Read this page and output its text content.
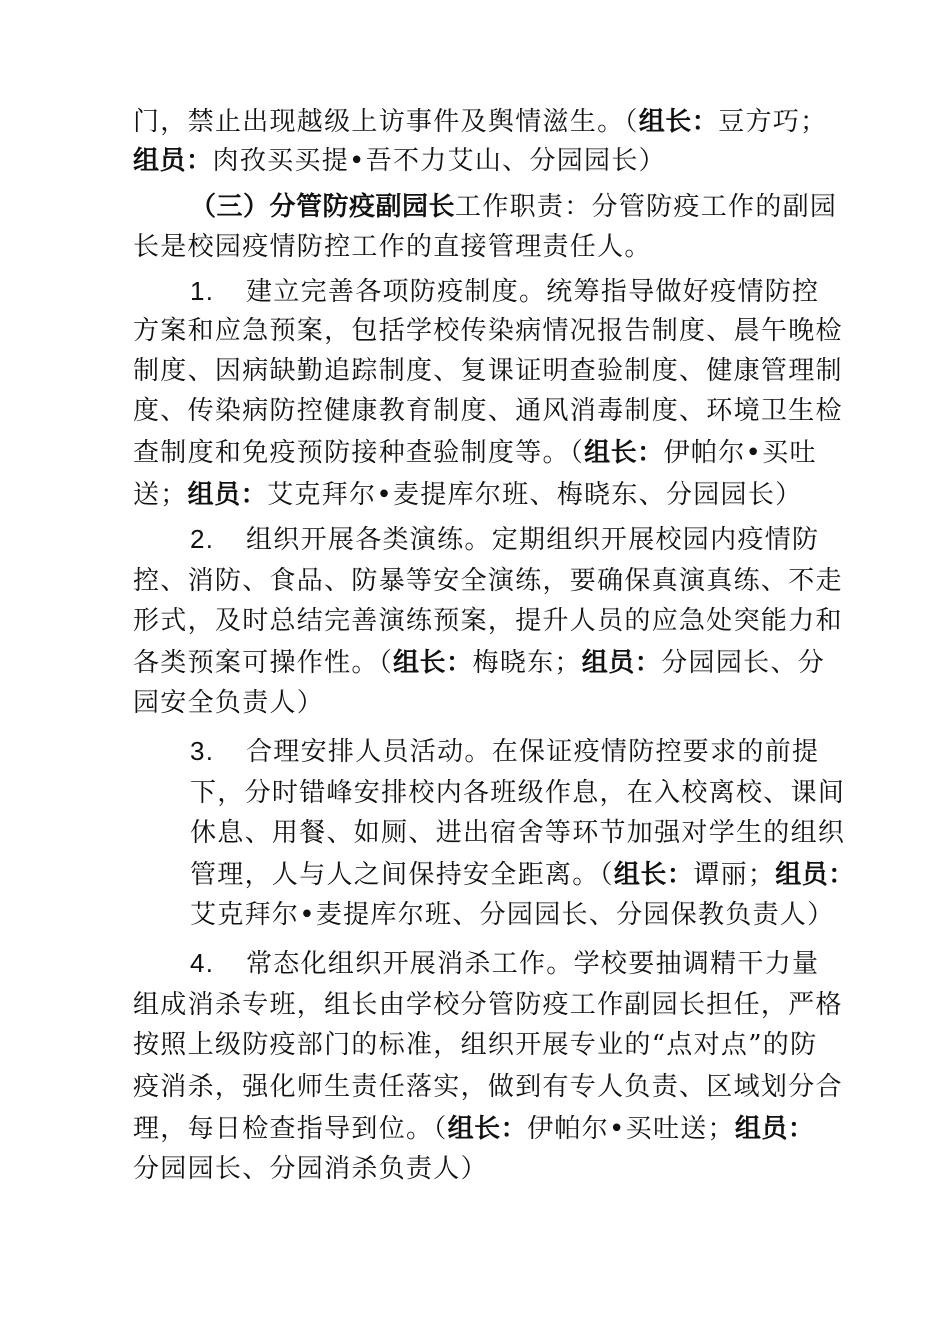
门，禁止出现越级上访事件及舆情滋生。（组长：豆方巧；
组员：肉孜买买提•吾不力艾山、分园园长）
（三）分管防疫副园长工作职责：分管防疫工作的副园
长是校园疫情防控工作的直接管理责任人。
1. 建立完善各项防疫制度。统筹指导做好疫情防控
方案和应急预案，包括学校传染病情况报告制度、晨午晚检
制度、因病缺勤追踪制度、复课证明查验制度、健康管理制
度、传染病防控健康教育制度、通风消毒制度、环境卫生检
查制度和免疫预防接种查验制度等。（组长：伊帕尔•买吐
送；组员：艾克拜尔•麦提库尔班、梅晓东、分园园长）
2. 组织开展各类演练。定期组织开展校园内疫情防
控、消防、食品、防暴等安全演练，要确保真演真练、不走
形式，及时总结完善演练预案，提升人员的应急处突能力和
各类预案可操作性。（组长：梅晓东；组员：分园园长、分
园安全负责人）
3. 合理安排人员活动。在保证疫情防控要求的前提
下，分时错峰安排校内各班级作息，在入校离校、课间
休息、用餐、如厕、进出宿舍等环节加强对学生的组织
管理，人与人之间保持安全距离。（组长：谭丽；组员：
艾克拜尔•麦提库尔班、分园园长、分园保教负责人）
4. 常态化组织开展消杀工作。学校要抽调精干力量
组成消杀专班，组长由学校分管防疫工作副园长担任，严格
按照上级防疫部门的标准，组织开展专业的“点对点”的防
疫消杀，强化师生责任落实，做到有专人负责、区域划分合
理，每日检查指导到位。（组长：伊帕尔•买吐送；组员：
分园园长、分园消杀负责人）
